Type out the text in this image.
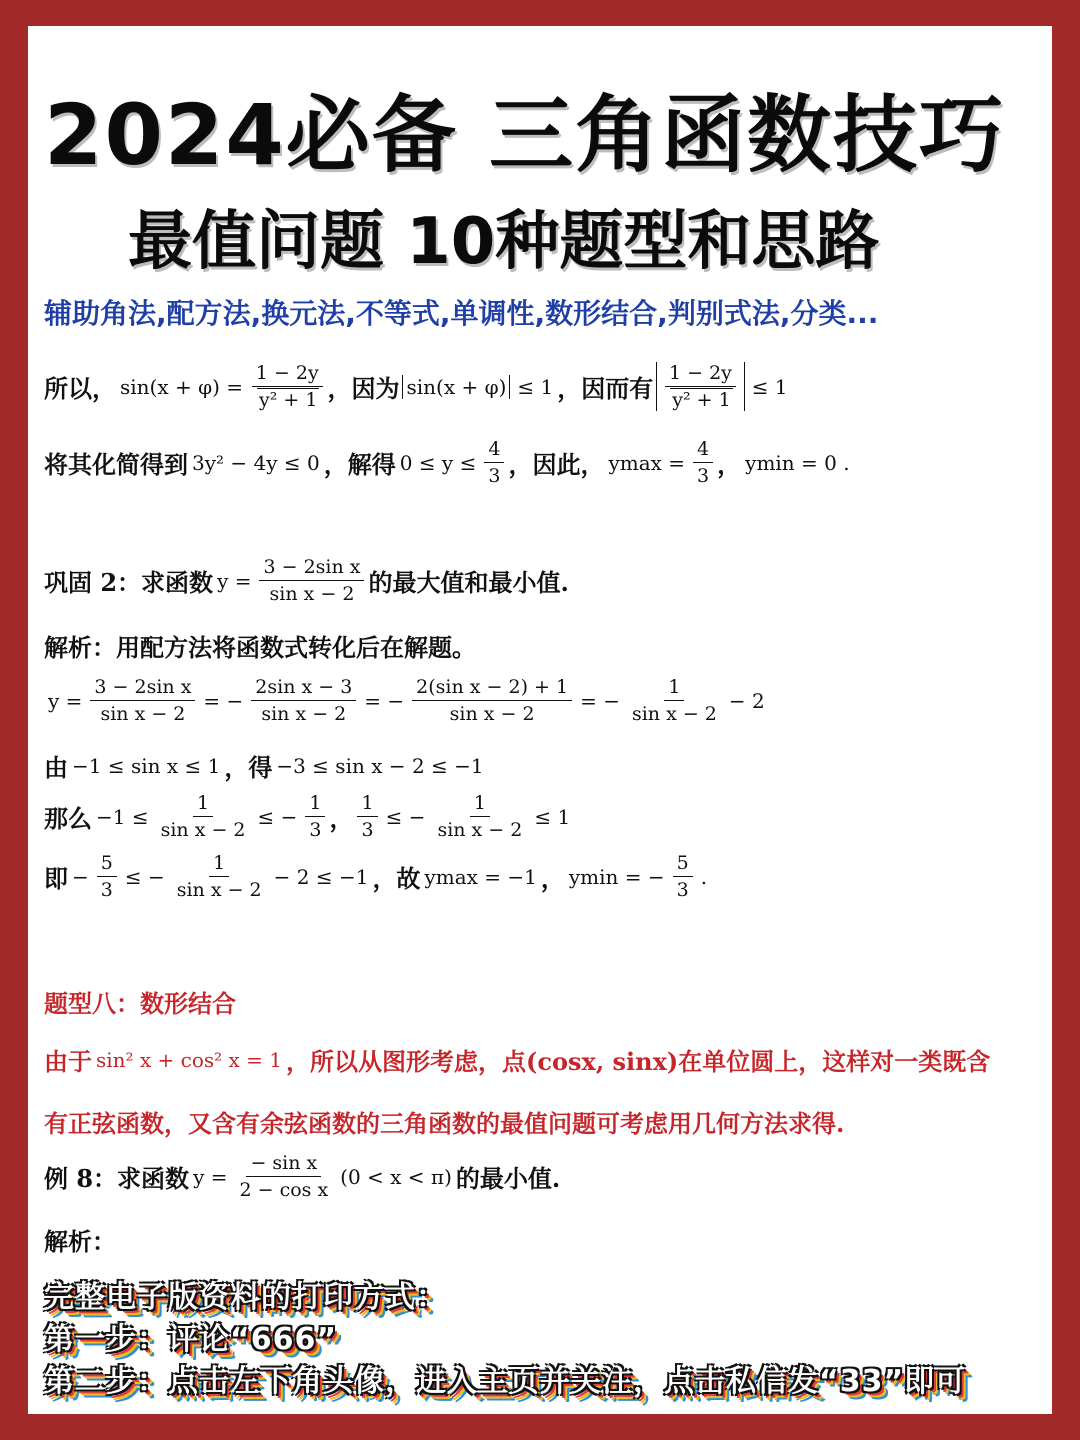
2024必备 三角函数技巧
最值问题 10种题型和思路
辅助角法,配方法,换元法,不等式,单调性,数形结合,判别式法,分类...
所以， $\sin(x + \varphi) = \frac{1 - 2y}{\text{y² + 1}}$ ，因为 sin(x + φ) ≤ 1 ，因而有 $\frac{1 - 2y}{\text{y² + 1}} \le 1$
将其化简得到 3y² − 4y ≤ 0 ，解得 $0 \le y \le \frac{4}{3}$ ，因此， $ymax = \frac{4}{3}$ ， ymin = 0 .
巩固 2：求函数 $y = \frac{\text{3 − 2sin x}}{\text{sin x − 2}}$ 的最大值和最小值.
解析：用配方法将函数式转化后在解题。
$y = \frac{\text{3 − 2sin x}}{\text{sin x − 2}}$ = − $\frac{\text{2sin x − 3}}{\text{sin x − 2}}$ = − $\frac{\text{2(sin x − 2) + 1}}{\text{sin x − 2}}$ = − $\frac{1}{\text{sin x − 2}} - 2$
由 −1 ≤ sin x ≤ 1 ，得 −3 ≤ sin x − 2 ≤ −1
那么 $-1 \le \frac{1}{\text{sin x − 2}}$ ≤ − $\frac{1}{3}$ ， $\frac{1}{3}$ ≤ − $\frac{1}{\text{sin x − 2}} \le 1$
即 − $\frac{5}{3}$ ≤ − $\frac{1}{\text{sin x − 2}} - 2 \le -1$ ，故 ymax = −1 ， ymin = − $\frac{5}{3}$ .
题型八：数形结合
由于 sin² x + cos² x = 1 ，所以从图形考虑，点(cosx, sinx)在单位圆上，这样对一类既含
有正弦函数，又含有余弦函数的三角函数的最值问题可考虑用几何方法求得.
例 8：求函数 $y = \frac{\text{− sin x}}{\text{2 − cos x}} (0 < x < \pi)$ 的最小值.
解析：
完整电子版资料的打印方式：
第一步：评论“666”
第二步：点击左下角头像，进入主页并关注，点击私信发“33”即可
